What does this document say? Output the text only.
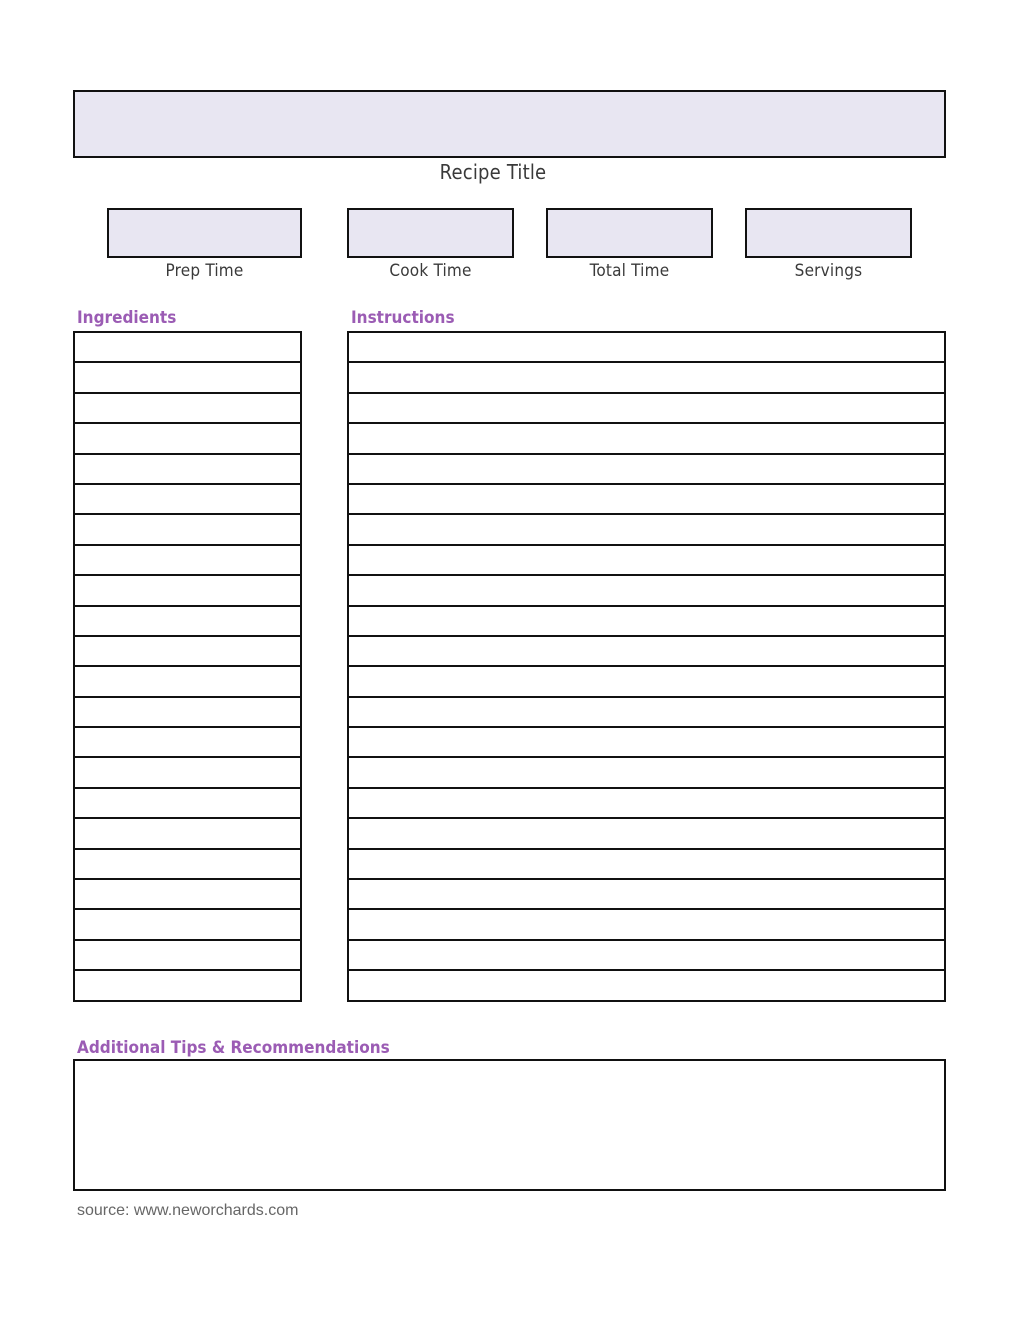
Recipe Title
Prep Time	Cook Time	Total Time	Servings
Ingredients	Instructions
Additional Tips & Recommendations
source: www.neworchards.com
